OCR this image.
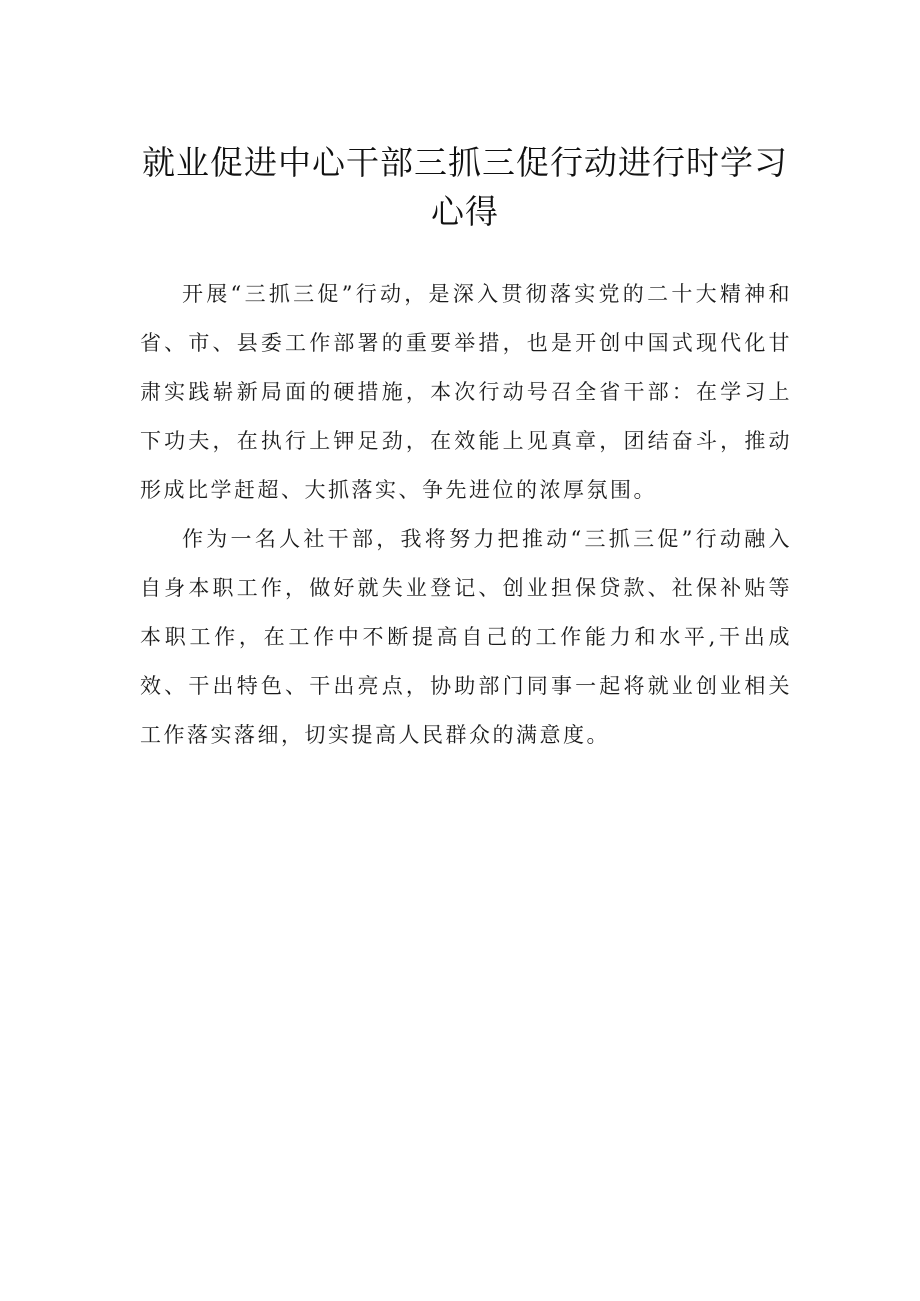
就业促进中心干部三抓三促行动进行时学习心得

开展“三抓三促”行动，是深入贯彻落实党的二十大精神和省、市、县委工作部署的重要举措，也是开创中国式现代化甘肃实践崭新局面的硬措施，本次行动号召全省干部：在学习上下功夫，在执行上钾足劲，在效能上见真章，团结奋斗，推动形成比学赶超、大抓落实、争先进位的浓厚氛围。

作为一名人社干部，我将努力把推动“三抓三促”行动融入自身本职工作，做好就失业登记、创业担保贷款、社保补贴等本职工作，在工作中不断提高自己的工作能力和水平,干出成效、干出特色、干出亮点，协助部门同事一起将就业创业相关工作落实落细，切实提高人民群众的满意度。
